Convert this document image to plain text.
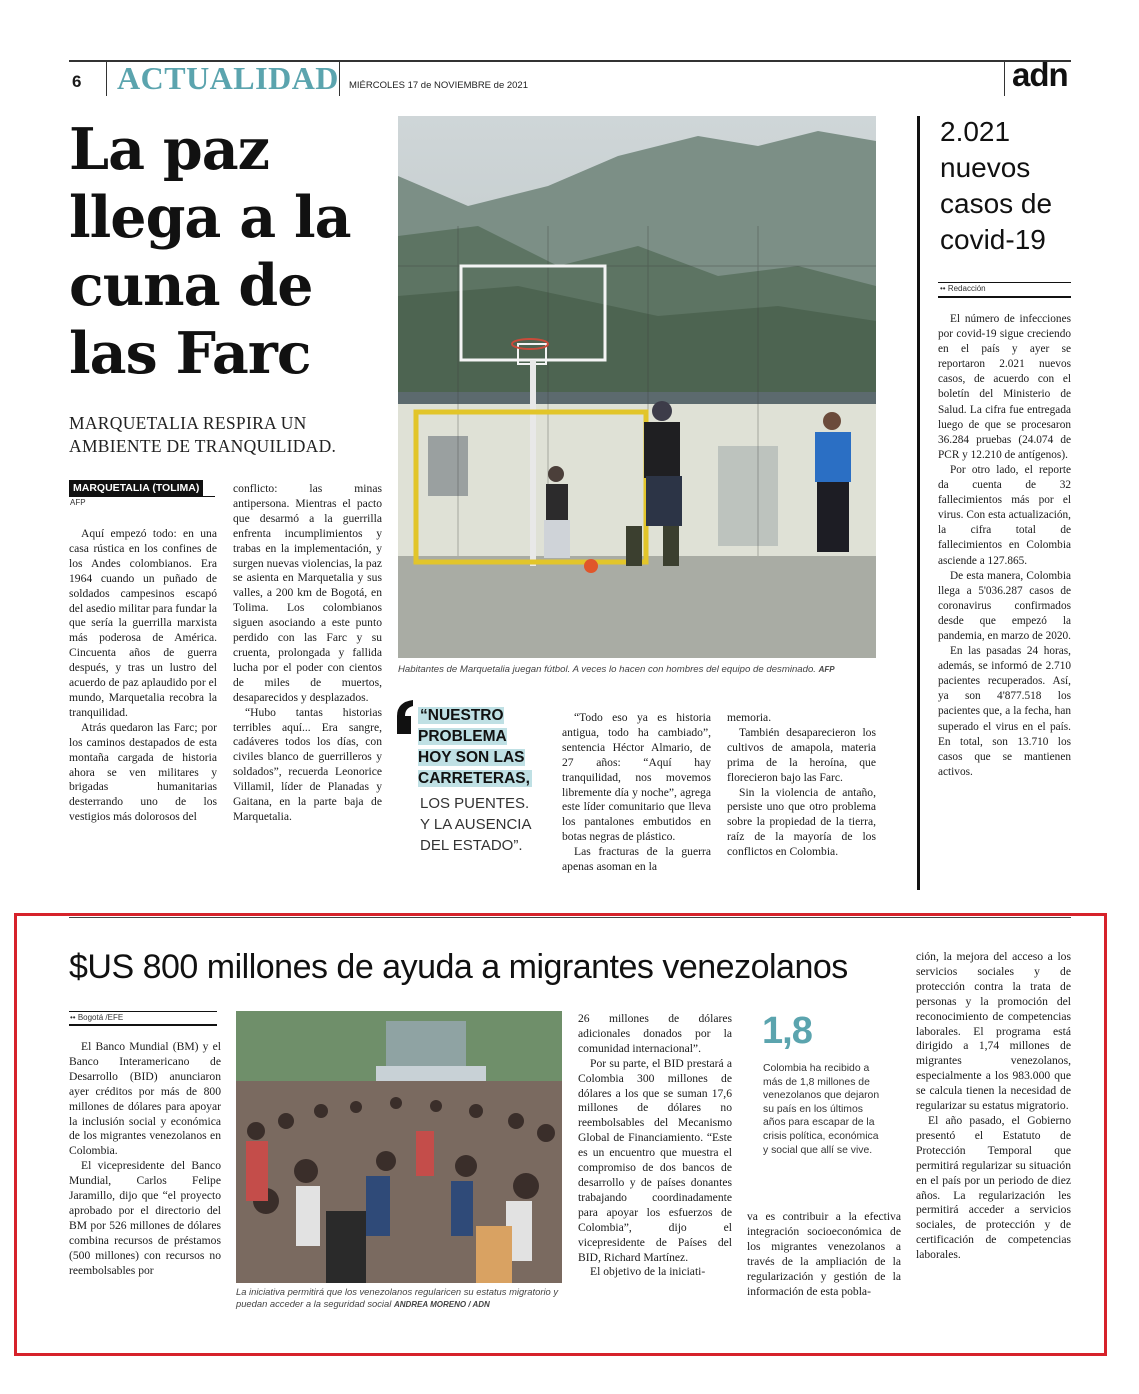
6 ACTUALIDAD MIÉRCOLES 17 de NOVIEMBRE de 2021	adn
La paz llega a la cuna de las Farc
MARQUETALIA RESPIRA UN AMBIENTE DE TRANQUILIDAD.
MARQUETALIA (TOLIMA)
AFP

Aquí empezó todo: en una casa rústica en los confines de los Andes colombianos. Era 1964 cuando un puñado de soldados campesinos escapó del asedio militar para fundar la que sería la guerrilla marxista más poderosa de América. Cincuenta años de guerra después, y tras un lustro del acuerdo de paz aplaudido por el mundo, Marquetalia recobra la tranquilidad.

Atrás quedaron las Farc; por los caminos destapados de esta montaña cargada de historia ahora se ven militares y brigadas humanitarias desterrando uno de los vestigios más dolorosos del

conflicto: las minas antipersona. Mientras el pacto que desarmó a la guerrilla enfrenta incumplimientos y trabas en la implementación, y surgen nuevas violencias, la paz se asienta en Marquetalia y sus valles, a 200 km de Bogotá, en Tolima. Los colombianos siguen asociando a este punto perdido con las Farc y su cruenta, prolongada y fallida lucha por el poder con cientos de miles de muertos, desaparecidos y desplazados.

“Hubo tantas historias terribles aquí... Era sangre, cadáveres todos los días, con civiles blanco de guerrilleros y soldados”, recuerda Leonorice Villamil, líder de Planadas y Gaitana, en la parte baja de Marquetalia.

Habitantes de Marquetalia juegan fútbol. A veces lo hacen con hombres del equipo de desminado. AFP
“NUESTRO PROBLEMA HOY SON LAS CARRETERAS,
LOS PUENTES. Y LA AUSENCIA DEL ESTADO”.

“Todo eso ya es historia antigua, todo ha cambiado”, sentencia Héctor Almario, de 27 años: “Aquí hay tranquilidad, nos movemos libremente día y noche”, agrega este líder comunitario que lleva los pantalones embutidos en botas negras de plástico.

Las fracturas de la guerra apenas asoman en la

memoria.

También desaparecieron los cultivos de amapola, materia prima de la heroína, que florecieron bajo las Farc.

Sin la violencia de antaño, persiste uno que otro problema sobre la propiedad de la tierra, raíz de la mayoría de los conflictos en Colombia.

2.021 nuevos casos de covid-19
•• Redacción

El número de infecciones por covid-19 sigue creciendo en el país y ayer se reportaron 2.021 nuevos casos, de acuerdo con el boletín del Ministerio de Salud. La cifra fue entregada luego de que se procesaron 36.284 pruebas (24.074 de PCR y 12.210 de antígenos).

Por otro lado, el reporte da cuenta de 32 fallecimientos más por el virus. Con esta actualización, la cifra total de fallecimientos en Colombia asciende a 127.865.

De esta manera, Colombia llega a 5'036.287 casos de coronavirus confirmados desde que empezó la pandemia, en marzo de 2020.

En las pasadas 24 horas, además, se informó de 2.710 pacientes recuperados. Así, ya son 4'877.518 los pacientes que, a la fecha, han superado el virus en el país. En total, son 13.710 los casos que se mantienen activos.

$US 800 millones de ayuda a migrantes venezolanos
•• Bogotá /EFE

El Banco Mundial (BM) y el Banco Interamericano de Desarrollo (BID) anunciaron ayer créditos por más de 800 millones de dólares para apoyar la inclusión social y económica de los migrantes venezolanos en Colombia.

El vicepresidente del Banco Mundial, Carlos Felipe Jaramillo, dijo que “el proyecto aprobado por el directorio del BM por 526 millones de dólares combina recursos de préstamos (500 millones) con recursos no reembolsables por

La iniciativa permitirá que los venezolanos regularicen su estatus migratorio y puedan acceder a la seguridad social ANDREA MORENO / ADN

26 millones de dólares adicionales donados por la comunidad internacional”.

Por su parte, el BID prestará a Colombia 300 millones de dólares a los que se suman 17,6 millones de dólares no reembolsables del Mecanismo Global de Financiamiento. “Este es un encuentro que muestra el compromiso de dos bancos de desarrollo y de países donantes trabajando coordinadamente para apoyar los esfuerzos de Colombia”, dijo el vicepresidente de Países del BID, Richard Martínez.

El objetivo de la iniciati-

1,8
Colombia ha recibido a más de 1,8 millones de venezolanos que dejaron su país en los últimos años para escapar de la crisis política, económica y social que allí se vive.

va es contribuir a la efectiva integración socioeconómica de los migrantes venezolanos a través de la ampliación de la regularización y gestión de la información de esta pobla-

ción, la mejora del acceso a los servicios sociales y de protección contra la trata de personas y la promoción del reconocimiento de competencias laborales. El programa está dirigido a 1,74 millones de migrantes venezolanos, especialmente a los 983.000 que se calcula tienen la necesidad de regularizar su estatus migratorio.

El año pasado, el Gobierno presentó el Estatuto de Protección Temporal que permitirá regularizar su situación en el país por un periodo de diez años. La regularización les permitirá acceder a servicios sociales, de protección y de certificación de competencias laborales.
